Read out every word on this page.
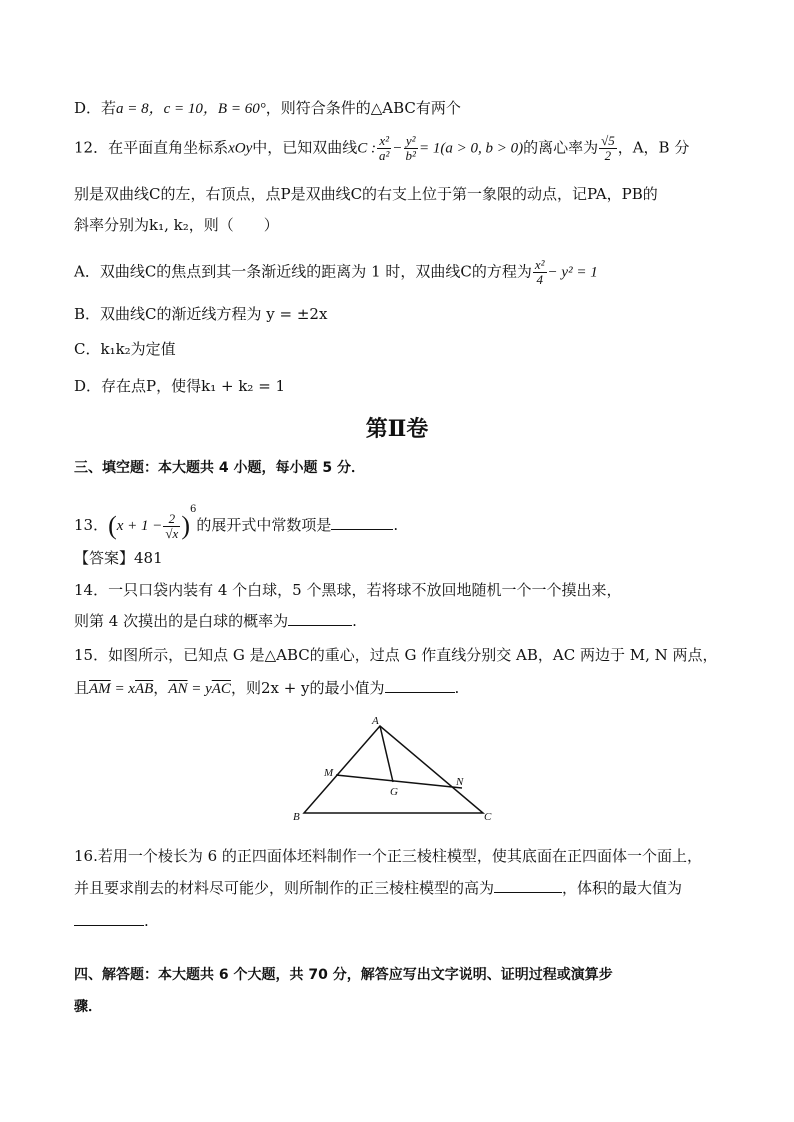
D．若a = 8，c = 10，B = 60°，则符合条件的△ABC有两个
12．在平面直角坐标系xOy中，已知双曲线C : $\frac{\text{x²}}{\text{a²}} - \frac{\text{y²}}{\text{b²}} = 1(a > 0$, b > 0)的离心率为 $\frac{√5}{2}$ ，A，B 分
别是双曲线C的左，右顶点，点P是双曲线C的右支上位于第一象限的动点，记PA，PB的
斜率分别为k₁, k₂，则（　　）
A．双曲线C的焦点到其一条渐近线的距离为 1 时，双曲线C的方程为 $\frac{\text{x²}}{4} - y^2 = 1$
B．双曲线C的渐近线方程为 y = ±2x
C．k₁k₂为定值
D．存在点P，使得k₁ + k₂ = 1
第Ⅱ卷
三、填空题：本大题共 4 小题，每小题 5 分．
13．$(x + 1 - \frac{2}{√x} )^6$的展开式中常数项是	.
【答案】481
14．一只口袋内装有 4 个白球，5 个黑球，若将球不放回地随机一个一个摸出来，
则第 4 次摸出的是白球的概率为	.
15．如图所示，已知点 G 是△ABC的重心，过点 G 作直线分别交 AB，AC 两边于 M, N 两点，
且$\overline{AM} = x\overline{AB}$，$\overline{AN} = y\overline{AC}$，则2x + y的最小值为	.
A
B	C
M
N
G
16.若用一个棱长为 6 的正四面体坯料制作一个正三棱柱模型，使其底面在正四面体一个面上，
并且要求削去的材料尽可能少，则所制作的正三棱柱模型的高为	，体积的最大值为
.
四、解答题：本大题共 6 个大题，共 70 分，解答应写出文字说明、证明过程或演算步
骤．
